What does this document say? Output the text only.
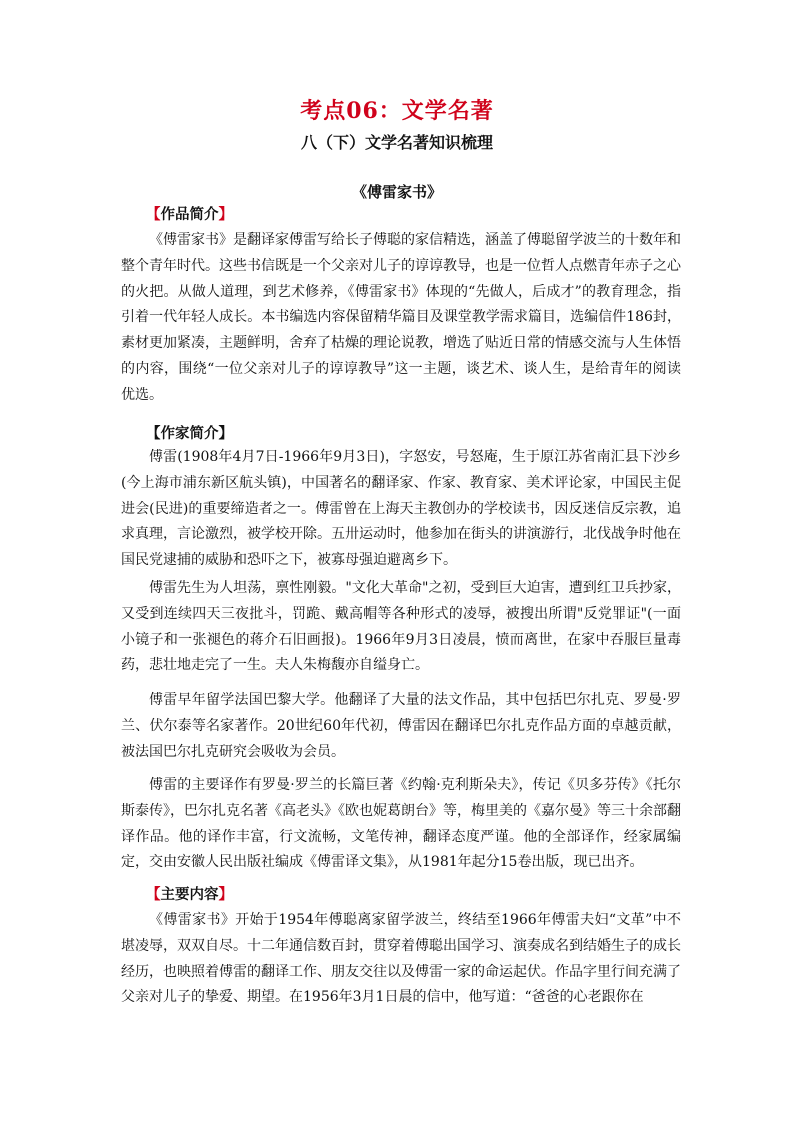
考点06：文学名著
八（下）文学名著知识梳理
《傅雷家书》
【作品简介】
《傅雷家书》是翻译家傅雷写给长子傅聪的家信精选，涵盖了傅聪留学波兰的十数年和整个青年时代。这些书信既是一个父亲对儿子的谆谆教导，也是一位哲人点燃青年赤子之心的火把。从做人道理，到艺术修养，《傅雷家书》体现的“先做人，后成才”的教育理念，指引着一代年轻人成长。本书编选内容保留精华篇目及课堂教学需求篇目，选编信件186封，素材更加紧凑，主题鲜明，舍弃了枯燥的理论说教，增选了贴近日常的情感交流与人生体悟的内容，围绕“一位父亲对儿子的谆谆教导”这一主题，谈艺术、谈人生，是给青年的阅读优选。
【作家简介】
傅雷(1908年4月7日-1966年9月3日)，字怒安，号怒庵，生于原江苏省南汇县下沙乡(今上海市浦东新区航头镇)，中国著名的翻译家、作家、教育家、美术评论家，中国民主促进会(民进)的重要缔造者之一。傅雷曾在上海天主教创办的学校读书，因反迷信反宗教，追求真理，言论激烈，被学校开除。五卅运动时，他参加在街头的讲演游行，北伐战争时他在国民党逮捕的威胁和恐吓之下，被寡母强迫避离乡下。
傅雷先生为人坦荡，禀性刚毅。"文化大革命"之初，受到巨大迫害，遭到红卫兵抄家，又受到连续四天三夜批斗，罚跪、戴高帽等各种形式的凌辱，被搜出所谓"反党罪证"(一面小镜子和一张褪色的蒋介石旧画报)。1966年9月3日凌晨，愤而离世，在家中吞服巨量毒药，悲壮地走完了一生。夫人朱梅馥亦自缢身亡。
傅雷早年留学法国巴黎大学。他翻译了大量的法文作品，其中包括巴尔扎克、罗曼·罗兰、伏尔泰等名家著作。20世纪60年代初，傅雷因在翻译巴尔扎克作品方面的卓越贡献，被法国巴尔扎克研究会吸收为会员。
傅雷的主要译作有罗曼·罗兰的长篇巨著《约翰·克利斯朵夫》，传记《贝多芬传》《托尔斯泰传》，巴尔扎克名著《高老头》《欧也妮葛朗台》等，梅里美的《嘉尔曼》等三十余部翻译作品。他的译作丰富，行文流畅，文笔传神，翻译态度严谨。他的全部译作，经家属编定，交由安徽人民出版社编成《傅雷译文集》，从1981年起分15卷出版，现已出齐。
【主要内容】
《傅雷家书》开始于1954年傅聪离家留学波兰，终结至1966年傅雷夫妇“文革”中不堪凌辱，双双自尽。十二年通信数百封，贯穿着傅聪出国学习、演奏成名到结婚生子的成长经历，也映照着傅雷的翻译工作、朋友交往以及傅雷一家的命运起伏。作品字里行间充满了父亲对儿子的挚爱、期望。在1956年3月1日晨的信中，他写道：“爸爸的心老跟你在
